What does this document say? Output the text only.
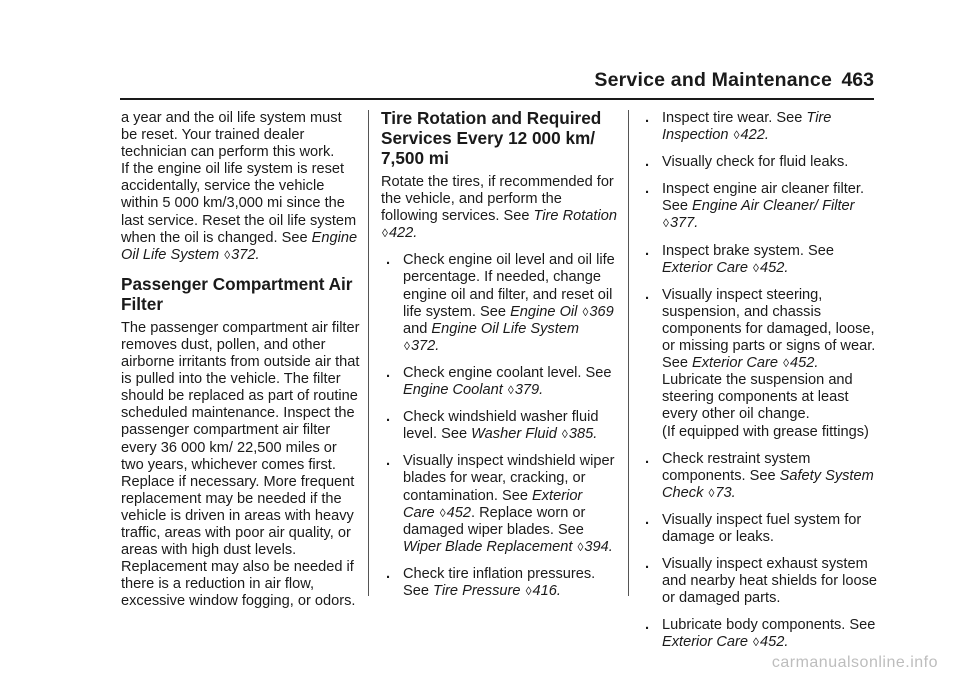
Service and Maintenance 463

a year and the oil life system must be reset. Your trained dealer technician can perform this work.

If the engine oil life system is reset accidentally, service the vehicle within 5 000 km/3,000 mi since the last service. Reset the oil life system when the oil is changed. See Engine Oil Life System ◊372.

Passenger Compartment Air Filter

The passenger compartment air filter removes dust, pollen, and other airborne irritants from outside air that is pulled into the vehicle. The filter should be replaced as part of routine scheduled maintenance. Inspect the passenger compartment air filter every 36 000 km/ 22,500 miles or two years, whichever comes first. Replace if necessary. More frequent replacement may be needed if the vehicle is driven in areas with heavy traffic, areas with poor air quality, or areas with high dust levels. Replacement may also be needed if there is a reduction in air flow, excessive window fogging, or odors.

Tire Rotation and Required Services Every 12 000 km/ 7,500 mi

Rotate the tires, if recommended for the vehicle, and perform the following services. See Tire Rotation ◊422.

. Check engine oil level and oil life percentage. If needed, change engine oil and filter, and reset oil life system. See Engine Oil ◊369 and Engine Oil Life System ◊372.
. Check engine coolant level. See Engine Coolant ◊379.
. Check windshield washer fluid level. See Washer Fluid ◊385.
. Visually inspect windshield wiper blades for wear, cracking, or contamination. See Exterior Care ◊452. Replace worn or damaged wiper blades. See Wiper Blade Replacement ◊394.
. Check tire inflation pressures. See Tire Pressure ◊416.
. Inspect tire wear. See Tire Inspection ◊422.
. Visually check for fluid leaks.
. Inspect engine air cleaner filter. See Engine Air Cleaner/ Filter ◊377.
. Inspect brake system. See Exterior Care ◊452.
. Visually inspect steering, suspension, and chassis components for damaged, loose, or missing parts or signs of wear. See Exterior Care ◊452. Lubricate the suspension and steering components at least every other oil change.
(If equipped with grease fittings)
. Check restraint system components. See Safety System Check ◊73.
. Visually inspect fuel system for damage or leaks.
. Visually inspect exhaust system and nearby heat shields for loose or damaged parts.
. Lubricate body components. See Exterior Care ◊452.
carmanualsonline.info
